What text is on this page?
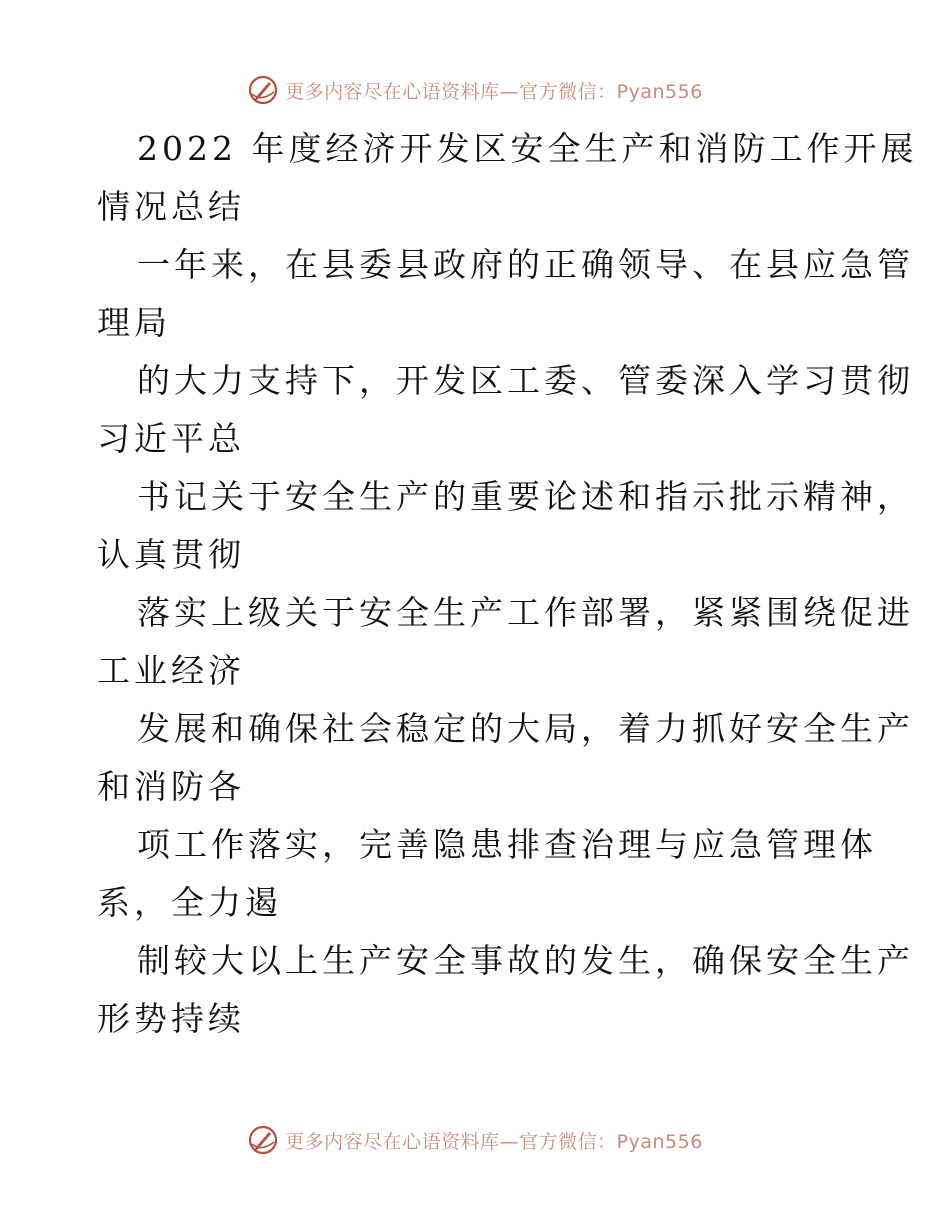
更多内容尽在心语资料库—官方微信：Pyan556
2022 年度经济开发区安全生产和消防工作开展
情况总结
一年来，在县委县政府的正确领导、在县应急管
理局
的大力支持下，开发区工委、管委深入学习贯彻
习近平总
书记关于安全生产的重要论述和指示批示精神，
认真贯彻
落实上级关于安全生产工作部署，紧紧围绕促进
工业经济
发展和确保社会稳定的大局，着力抓好安全生产
和消防各
项工作落实，完善隐患排查治理与应急管理体
系，全力遏
制较大以上生产安全事故的发生，确保安全生产
形势持续
更多内容尽在心语资料库—官方微信：Pyan556
